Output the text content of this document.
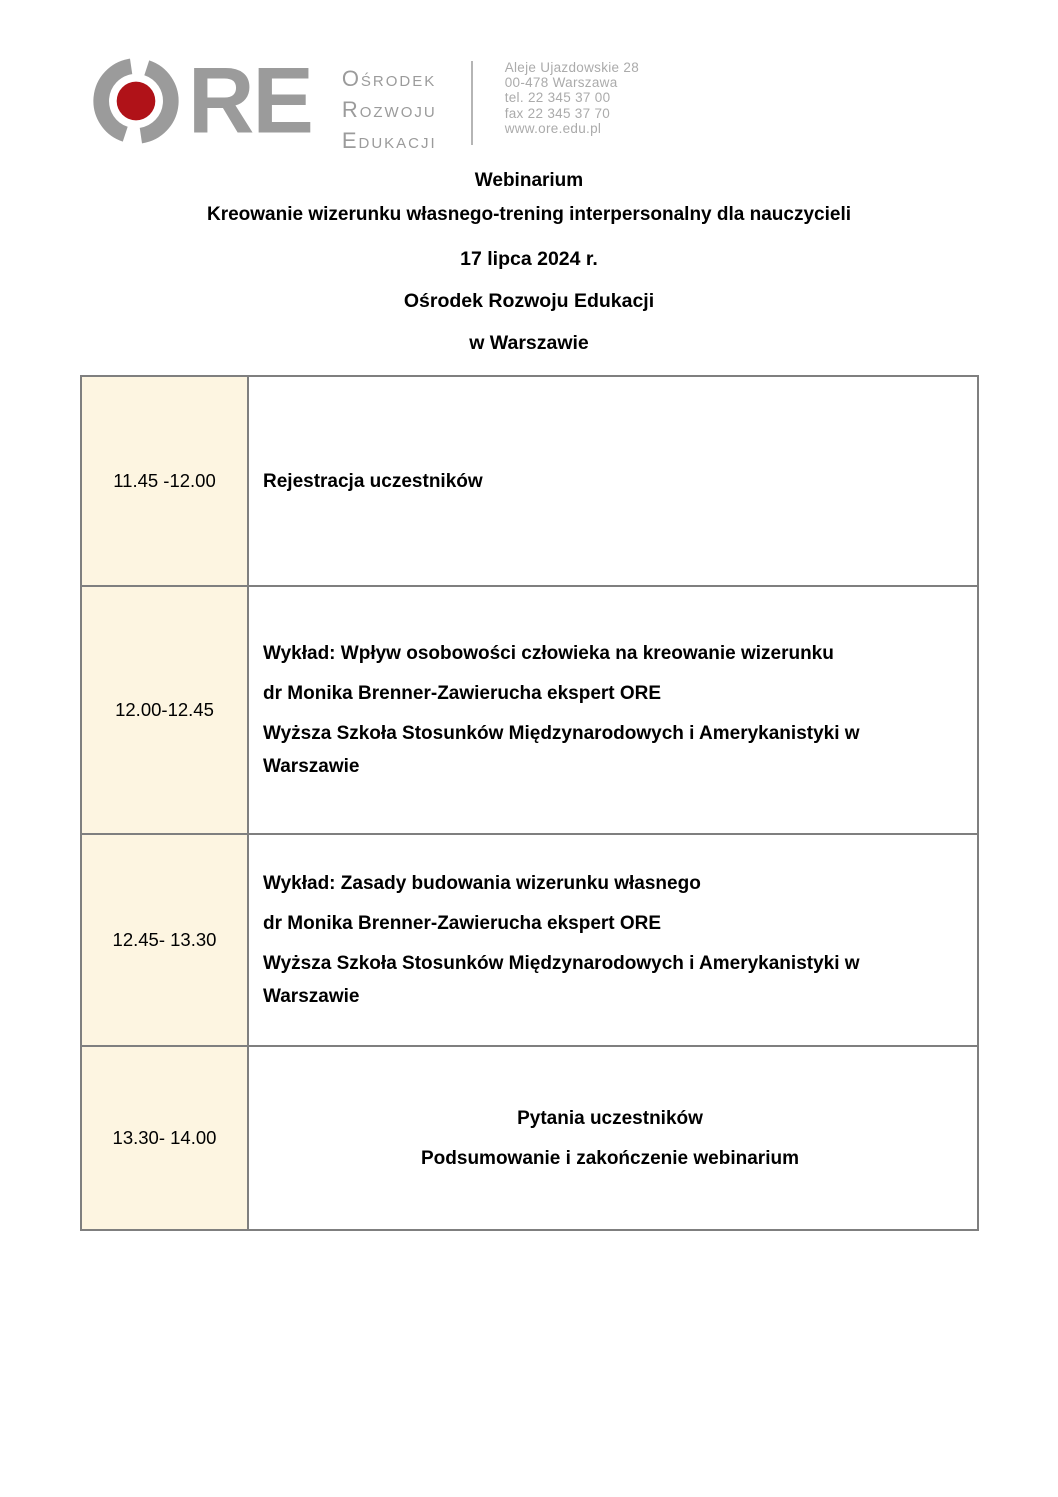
RE Ośrodek
Rozwoju
Edukacji
Aleje Ujazdowskie 28
00-478 Warszawa
tel. 22 345 37 00
fax 22 345 37 70
www.ore.edu.pl
Webinarium
Kreowanie wizerunku własnego-trening interpersonalny dla nauczycieli

17 lipca 2024 r.

Ośrodek Rozwoju Edukacji

w Warszawie

11.45 -12.00	Rejestracja uczestników

12.00-12.45	Wykład: Wpływ osobowości człowieka na kreowanie wizerunku

dr Monika Brenner-Zawierucha ekspert ORE

Wyższa Szkoła Stosunków Międzynarodowych i Amerykanistyki w Warszawie

12.45- 13.30	Wykład: Zasady budowania wizerunku własnego

dr Monika Brenner-Zawierucha ekspert ORE

Wyższa Szkoła Stosunków Międzynarodowych i Amerykanistyki w Warszawie

13.30- 14.00	Pytania uczestników

Podsumowanie i zakończenie webinarium
